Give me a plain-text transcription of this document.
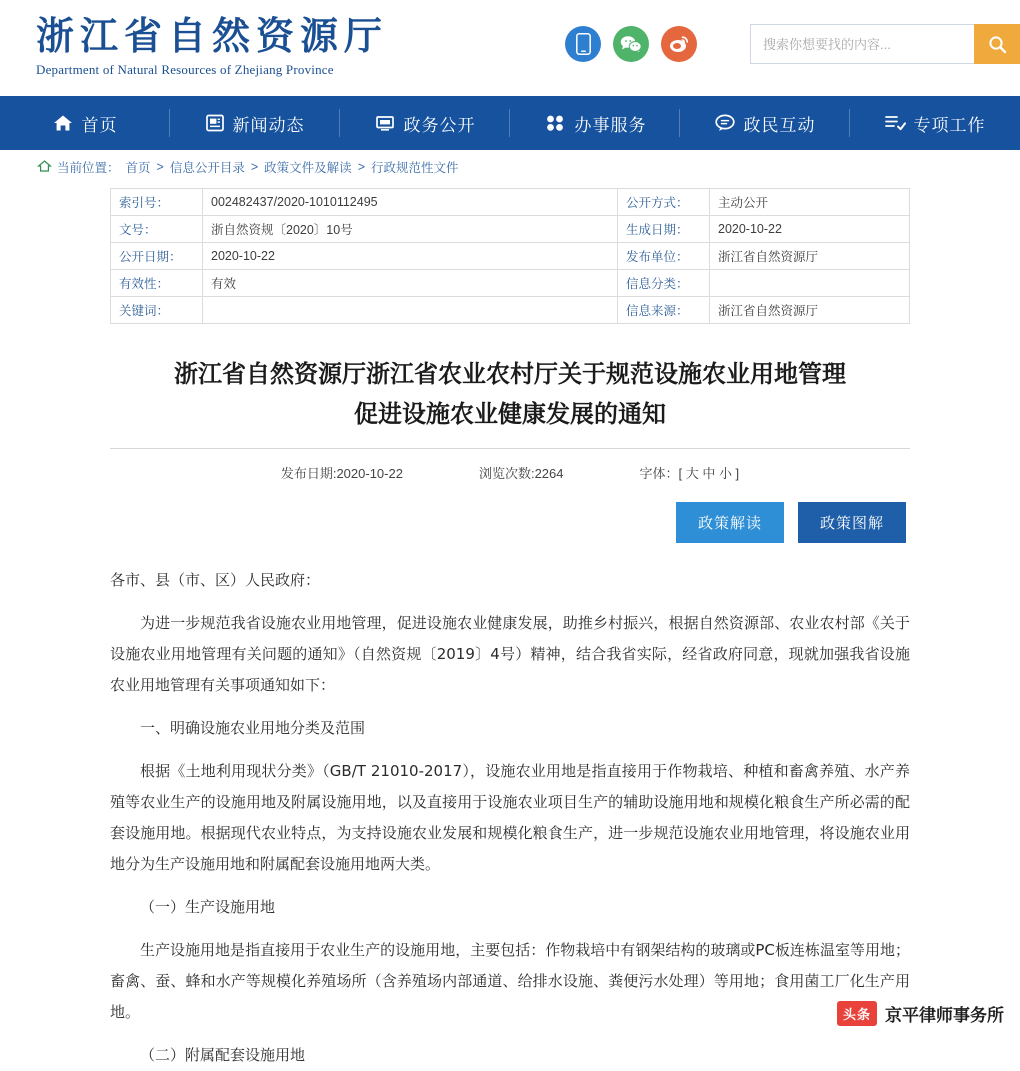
浙江省自然资源厅
Department of Natural Resources of Zhejiang Province
搜索你想要找的内容...
首页	新闻动态	政务公开	办事服务	政民互动	专项工作
当前位置： 首页 > 信息公开目录 > 政策文件及解读 > 行政规范性文件
索引号：	002482437/2020-1010112495	公开方式：	主动公开
文号：	浙自然资规〔2020〕10号	生成日期：	2020-10-22
公开日期：	2020-10-22	发布单位：	浙江省自然资源厅
有效性：	有效	信息分类：	
关键词：		信息来源：	浙江省自然资源厅
浙江省自然资源厅浙江省农业农村厅关于规范设施农业用地管理
促进设施农业健康发展的通知
发布日期:2020-10-22	浏览次数:2264	字体：[ 大 中 小 ]
政策解读	政策图解

各市、县（市、区）人民政府：

为进一步规范我省设施农业用地管理，促进设施农业健康发展，助推乡村振兴，根据自然资源部、农业农村部《关于设施农业用地管理有关问题的通知》（自然资规〔2019〕4号）精神，结合我省实际，经省政府同意，现就加强我省设施农业用地管理有关事项通知如下：

一、明确设施农业用地分类及范围

根据《土地利用现状分类》（GB/T 21010-2017），设施农业用地是指直接用于作物栽培、种植和畜禽养殖、水产养殖等农业生产的设施用地及附属设施用地，以及直接用于设施农业项目生产的辅助设施用地和规模化粮食生产所必需的配套设施用地。根据现代农业特点，为支持设施农业发展和规模化粮食生产，进一步规范设施农业用地管理，将设施农业用地分为生产设施用地和附属配套设施用地两大类。

（一）生产设施用地

生产设施用地是指直接用于农业生产的设施用地，主要包括：作物栽培中有钢架结构的玻璃或PC板连栋温室等用地；畜禽、蚕、蜂和水产等规模化养殖场所（含养殖场内部通道、给排水设施、粪便污水处理）等用地；食用菌工厂化生产用地。

（二）附属配套设施用地

头条 京平律师事务所
